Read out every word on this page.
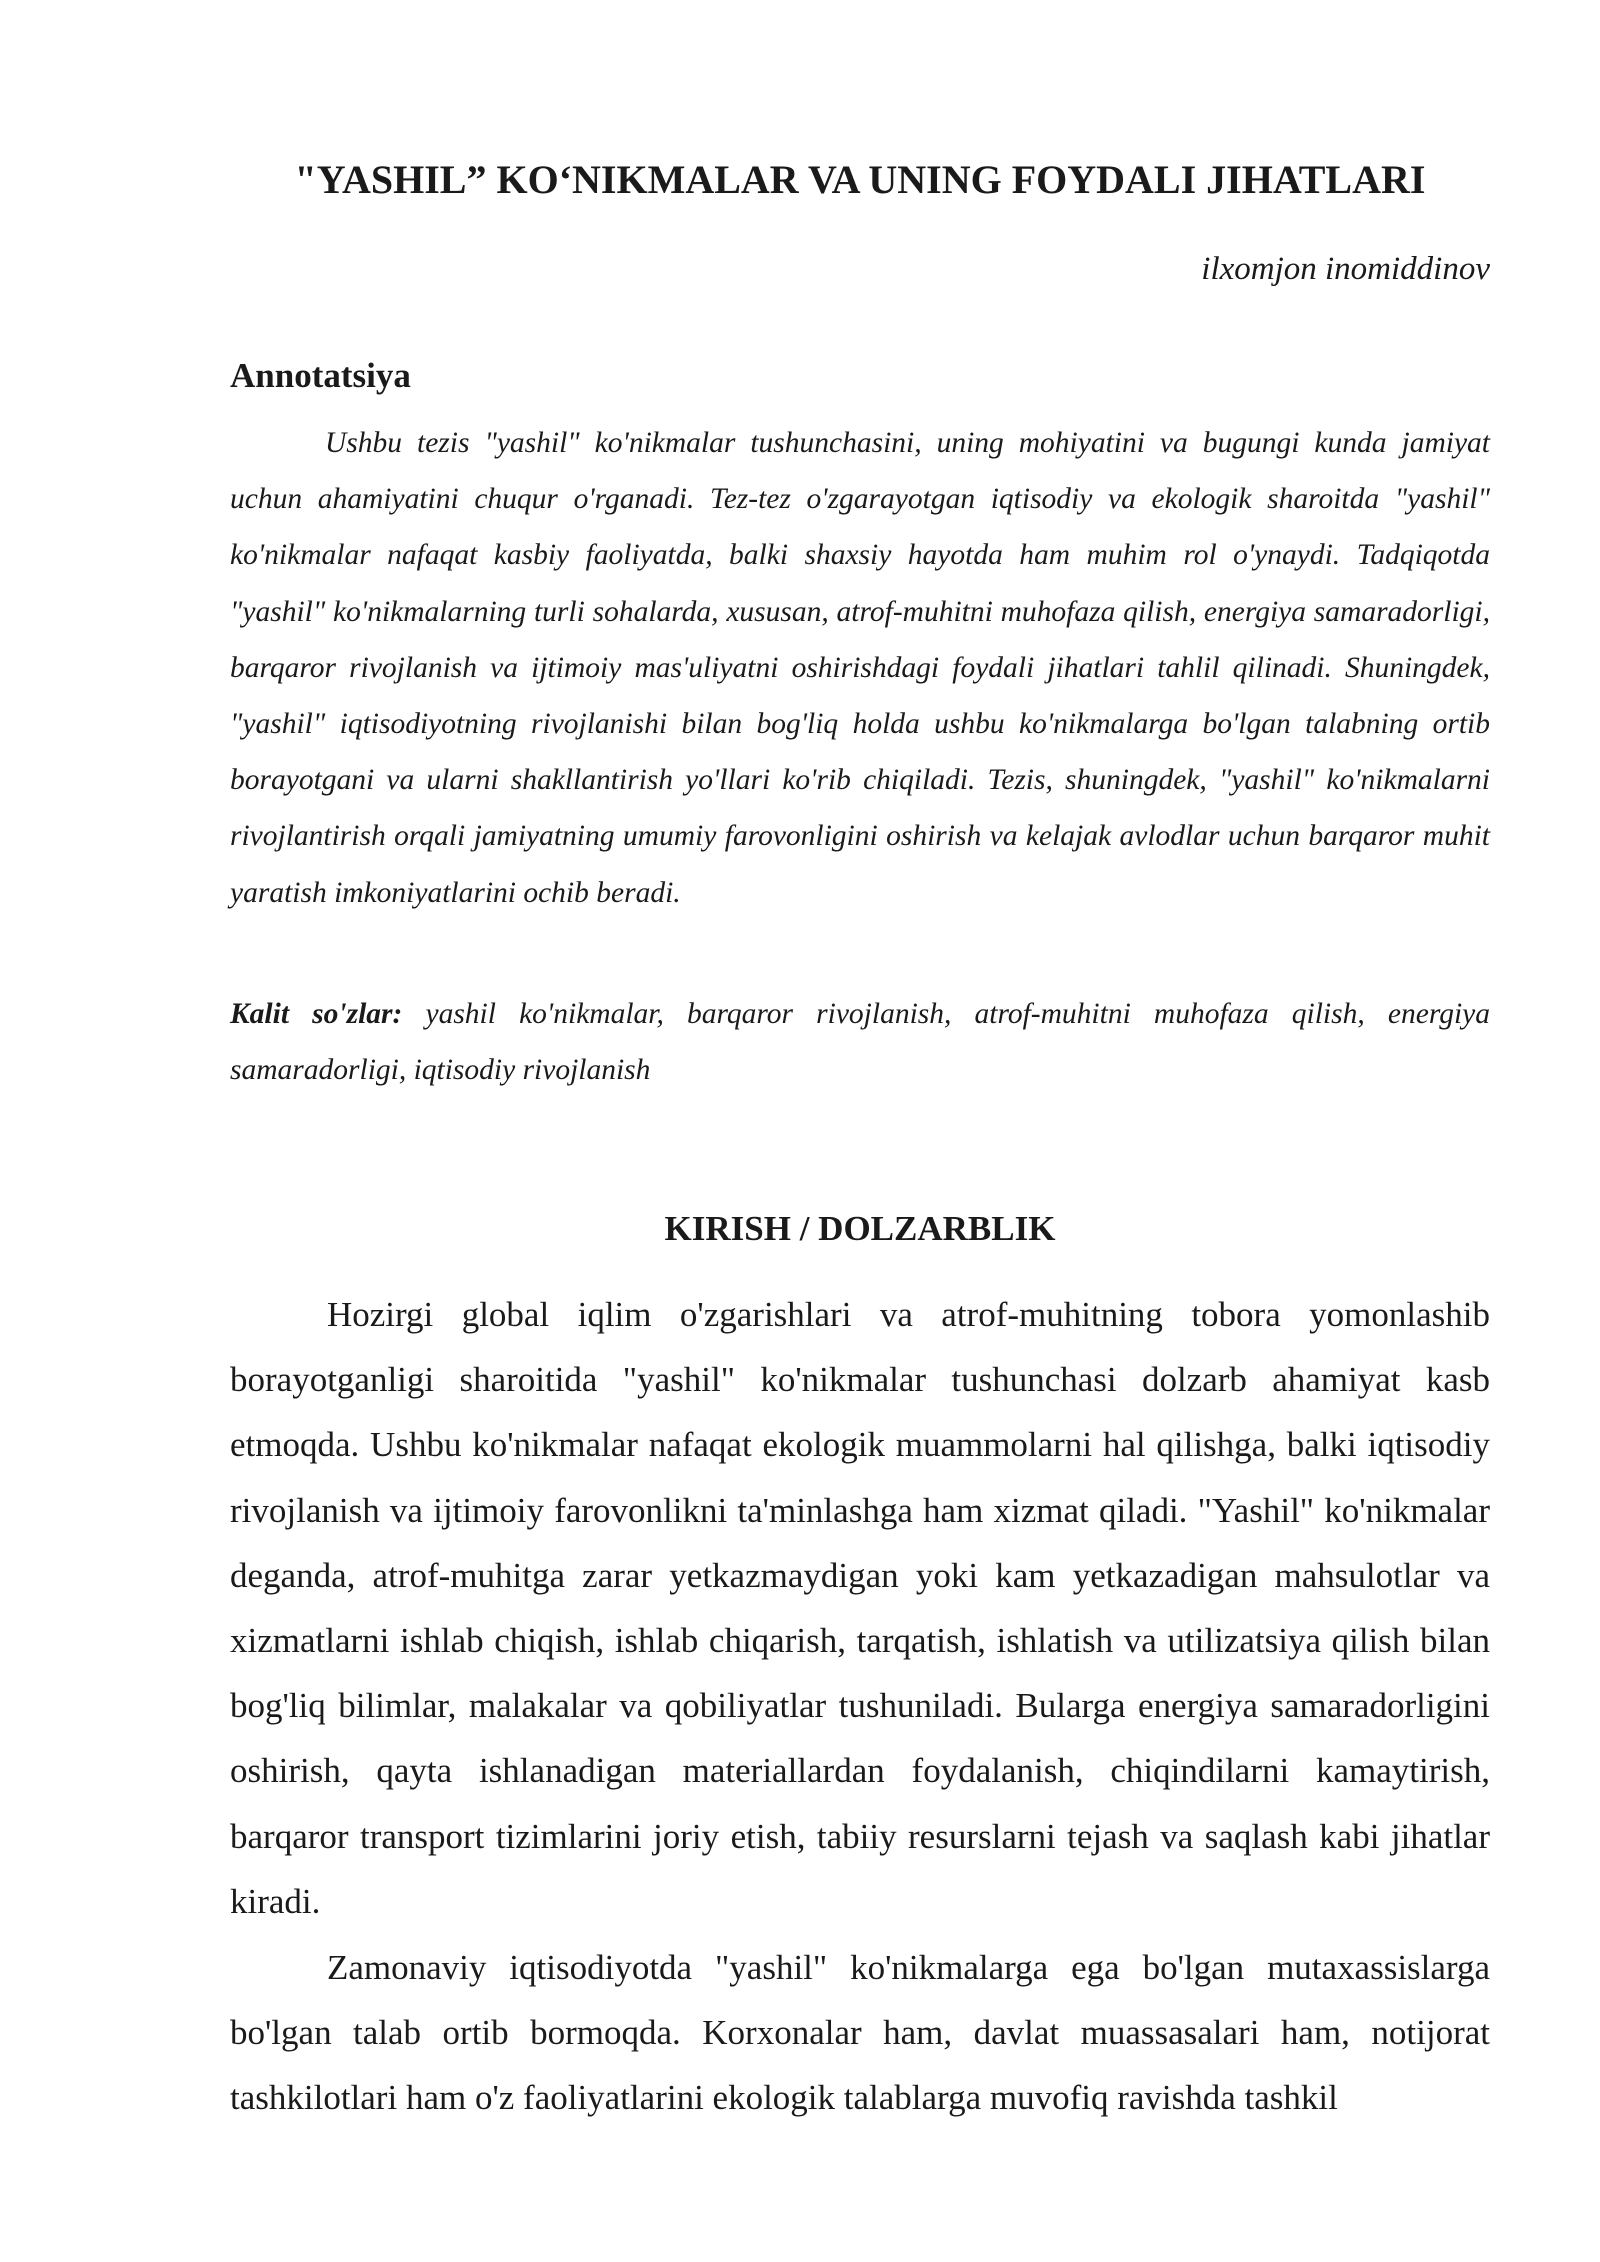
"YASHIL” KO‘NIKMALAR VA UNING FOYDALI JIHATLARI

ilxomjon inomiddinov

Annotatsiya

Ushbu tezis "yashil" ko'nikmalar tushunchasini, uning mohiyatini va bugungi kunda jamiyat uchun ahamiyatini chuqur o'rganadi. Tez-tez o'zgarayotgan iqtisodiy va ekologik sharoitda "yashil" ko'nikmalar nafaqat kasbiy faoliyatda, balki shaxsiy hayotda ham muhim rol o'ynaydi. Tadqiqotda "yashil" ko'nikmalarning turli sohalarda, xususan, atrof-muhitni muhofaza qilish, energiya samaradorligi, barqaror rivojlanish va ijtimoiy mas'uliyatni oshirishdagi foydali jihatlari tahlil qilinadi. Shuningdek, "yashil" iqtisodiyotning rivojlanishi bilan bog'liq holda ushbu ko'nikmalarga bo'lgan talabning ortib borayotgani va ularni shakllantirish yo'llari ko'rib chiqiladi. Tezis, shuningdek, "yashil" ko'nikmalarni rivojlantirish orqali jamiyatning umumiy farovonligini oshirish va kelajak avlodlar uchun barqaror muhit yaratish imkoniyatlarini ochib beradi.

Kalit so'zlar: yashil ko'nikmalar, barqaror rivojlanish, atrof-muhitni muhofaza qilish, energiya samaradorligi, iqtisodiy rivojlanish

KIRISH / DOLZARBLIK

Hozirgi global iqlim o'zgarishlari va atrof-muhitning tobora yomonlashib borayotganligi sharoitida "yashil" ko'nikmalar tushunchasi dolzarb ahamiyat kasb etmoqda. Ushbu ko'nikmalar nafaqat ekologik muammolarni hal qilishga, balki iqtisodiy rivojlanish va ijtimoiy farovonlikni ta'minlashga ham xizmat qiladi. "Yashil" ko'nikmalar deganda, atrof-muhitga zarar yetkazmaydigan yoki kam yetkazadigan mahsulotlar va xizmatlarni ishlab chiqish, ishlab chiqarish, tarqatish, ishlatish va utilizatsiya qilish bilan bog'liq bilimlar, malakalar va qobiliyatlar tushuniladi. Bularga energiya samaradorligini oshirish, qayta ishlanadigan materiallardan foydalanish, chiqindilarni kamaytirish, barqaror transport tizimlarini joriy etish, tabiiy resurslarni tejash va saqlash kabi jihatlar kiradi.

Zamonaviy iqtisodiyotda "yashil" ko'nikmalarga ega bo'lgan mutaxassislarga bo'lgan talab ortib bormoqda. Korxonalar ham, davlat muassasalari ham, notijorat tashkilotlari ham o'z faoliyatlarini ekologik talablarga muvofiq ravishda tashkil
